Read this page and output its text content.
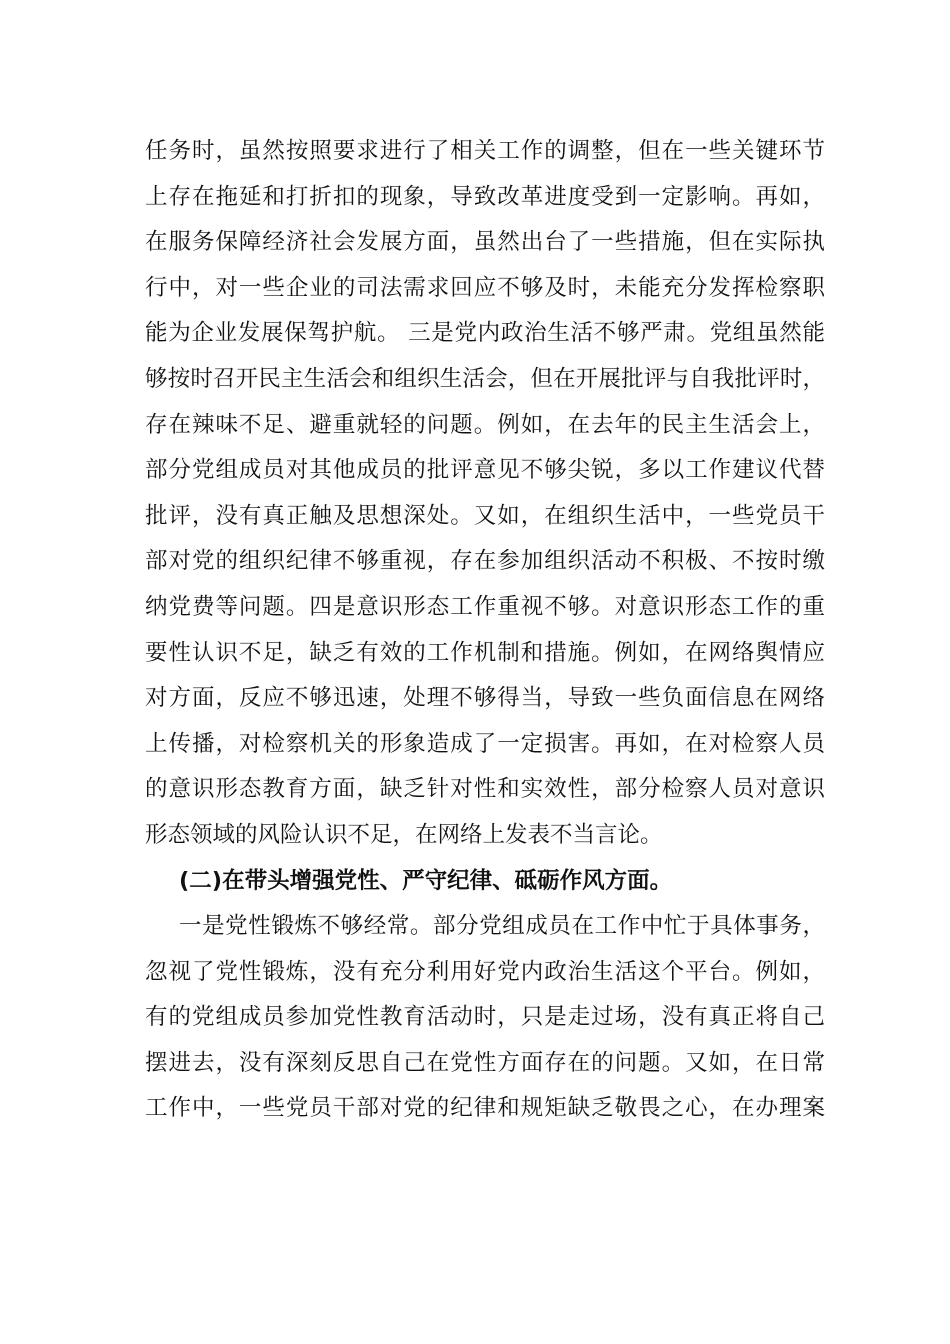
任务时，虽然按照要求进行了相关工作的调整，但在一些关键环节
上存在拖延和打折扣的现象，导致改革进度受到一定影响。再如，
在服务保障经济社会发展方面，虽然出台了一些措施，但在实际执
行中，对一些企业的司法需求回应不够及时，未能充分发挥检察职
能为企业发展保驾护航。 三是党内政治生活不够严肃。党组虽然能
够按时召开民主生活会和组织生活会，但在开展批评与自我批评时，
存在辣味不足、避重就轻的问题。例如，在去年的民主生活会上，
部分党组成员对其他成员的批评意见不够尖锐，多以工作建议代替
批评，没有真正触及思想深处。又如，在组织生活中，一些党员干
部对党的组织纪律不够重视，存在参加组织活动不积极、不按时缴
纳党费等问题。四是意识形态工作重视不够。对意识形态工作的重
要性认识不足，缺乏有效的工作机制和措施。例如，在网络舆情应
对方面，反应不够迅速，处理不够得当，导致一些负面信息在网络
上传播，对检察机关的形象造成了一定损害。再如，在对检察人员
的意识形态教育方面，缺乏针对性和实效性，部分检察人员对意识
形态领域的风险认识不足，在网络上发表不当言论。
(二)在带头增强党性、严守纪律、砥砺作风方面。
一是党性锻炼不够经常。部分党组成员在工作中忙于具体事务，
忽视了党性锻炼，没有充分利用好党内政治生活这个平台。例如，
有的党组成员参加党性教育活动时，只是走过场，没有真正将自己
摆进去，没有深刻反思自己在党性方面存在的问题。又如，在日常
工作中，一些党员干部对党的纪律和规矩缺乏敬畏之心，在办理案
